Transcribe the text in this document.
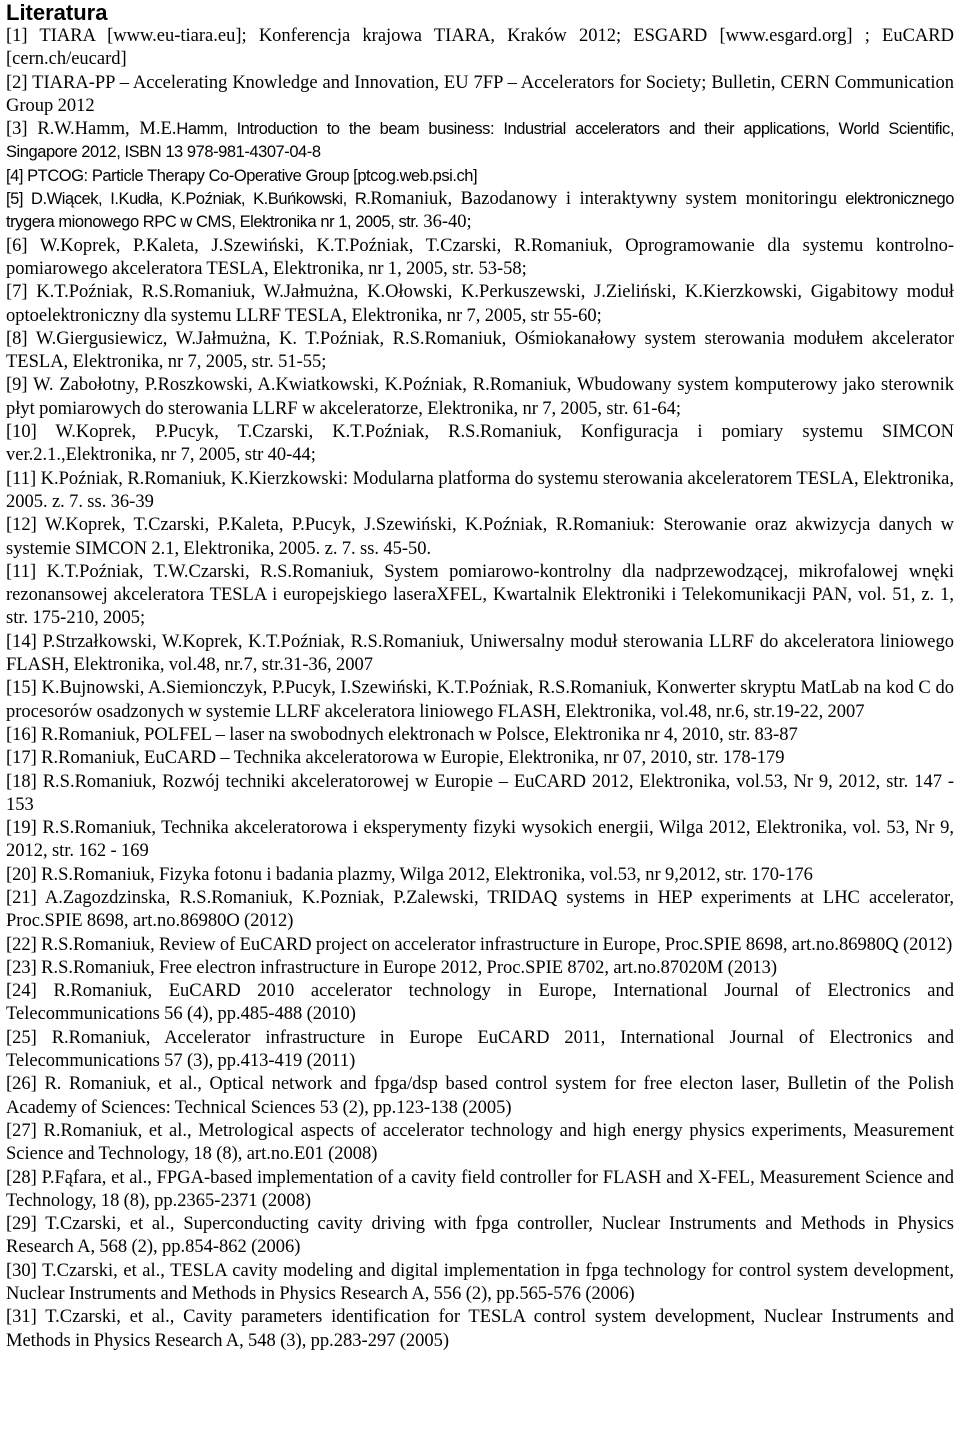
Literatura

[1] TIARA [www.eu-tiara.eu]; Konferencja krajowa TIARA, Kraków 2012; ESGARD [www.esgard.org] ; EuCARD [cern.ch/eucard]

[2] TIARA-PP – Accelerating Knowledge and Innovation, EU 7FP – Accelerators for Society; Bulletin, CERN Communication Group 2012

[3] R.W.Hamm, M.E.Hamm, Introduction to the beam business: Industrial accelerators and their applications, World Scientific, Singapore 2012, ISBN 13 978-981-4307-04-8

[4] PTCOG: Particle Therapy Co-Operative Group [ptcog.web.psi.ch]

[5] D.Wiącek, I.Kudła, K.Poźniak, K.Buńkowski, R.Romaniuk, Bazodanowy i interaktywny system monitoringu elektronicznego trygera mionowego RPC w CMS, Elektronika nr 1, 2005, str. 36-40;

[6] W.Koprek, P.Kaleta, J.Szewiński, K.T.Poźniak, T.Czarski, R.Romaniuk, Oprogramowanie dla systemu kontrolno-pomiarowego akceleratora TESLA, Elektronika, nr 1, 2005, str. 53-58;

[7] K.T.Poźniak, R.S.Romaniuk, W.Jałmużna, K.Ołowski, K.Perkuszewski, J.Zieliński, K.Kierzkowski, Gigabitowy moduł optoelektroniczny dla systemu LLRF TESLA, Elektronika, nr 7, 2005, str 55-60;

[8] W.Giergusiewicz, W.Jałmużna, K. T.Poźniak, R.S.Romaniuk, Ośmiokanałowy system sterowania modułem akcelerator TESLA, Elektronika, nr 7, 2005, str. 51-55;

[9] W. Zabołotny, P.Roszkowski, A.Kwiatkowski, K.Poźniak, R.Romaniuk, Wbudowany system komputerowy jako sterownik płyt pomiarowych do sterowania LLRF w akceleratorze, Elektronika, nr 7, 2005, str. 61-64;

[10] W.Koprek, P.Pucyk, T.Czarski, K.T.Poźniak, R.S.Romaniuk, Konfiguracja i pomiary systemu SIMCON ver.2.1.,Elektronika, nr 7, 2005, str 40-44;

[11] K.Poźniak, R.Romaniuk, K.Kierzkowski: Modularna platforma do systemu sterowania akceleratorem TESLA, Elektronika, 2005. z. 7. ss. 36-39

[12] W.Koprek, T.Czarski, P.Kaleta, P.Pucyk, J.Szewiński, K.Poźniak, R.Romaniuk: Sterowanie oraz akwizycja danych w systemie SIMCON 2.1, Elektronika, 2005. z. 7. ss. 45-50.

[11] K.T.Poźniak, T.W.Czarski, R.S.Romaniuk, System pomiarowo-kontrolny dla nadprzewodzącej, mikrofalowej wnęki rezonansowej akceleratora TESLA i europejskiego laseraXFEL, Kwartalnik Elektroniki i Telekomunikacji PAN, vol. 51, z. 1, str. 175-210, 2005;

[14] P.Strzałkowski, W.Koprek, K.T.Poźniak, R.S.Romaniuk, Uniwersalny moduł sterowania LLRF do akceleratora liniowego FLASH, Elektronika, vol.48, nr.7, str.31-36, 2007

[15] K.Bujnowski, A.Siemionczyk, P.Pucyk, I.Szewiński, K.T.Poźniak, R.S.Romaniuk, Konwerter skryptu MatLab na kod C do procesorów osadzonych w systemie LLRF akceleratora liniowego FLASH, Elektronika, vol.48, nr.6, str.19-22, 2007

[16] R.Romaniuk, POLFEL – laser na swobodnych elektronach w Polsce, Elektronika nr 4, 2010, str. 83-87

[17] R.Romaniuk, EuCARD – Technika akceleratorowa w Europie, Elektronika, nr 07, 2010, str. 178-179

[18] R.S.Romaniuk, Rozwój techniki akceleratorowej w Europie – EuCARD 2012, Elektronika, vol.53, Nr 9, 2012, str. 147 - 153

[19] R.S.Romaniuk, Technika akceleratorowa i eksperymenty fizyki wysokich energii, Wilga 2012, Elektronika, vol. 53, Nr 9, 2012, str. 162 - 169

[20] R.S.Romaniuk, Fizyka fotonu i badania plazmy, Wilga 2012, Elektronika, vol.53, nr 9,2012, str. 170-176

[21] A.Zagozdzinska, R.S.Romaniuk, K.Pozniak, P.Zalewski, TRIDAQ systems in HEP experiments at LHC accelerator, Proc.SPIE 8698, art.no.86980O (2012)

[22] R.S.Romaniuk, Review of EuCARD project on accelerator infrastructure in Europe, Proc.SPIE 8698, art.no.86980Q (2012)

[23] R.S.Romaniuk, Free electron infrastructure in Europe 2012, Proc.SPIE 8702, art.no.87020M (2013)

[24] R.Romaniuk, EuCARD 2010 accelerator technology in Europe, International Journal of Electronics and Telecommunications 56 (4), pp.485-488 (2010)

[25] R.Romaniuk, Accelerator infrastructure in Europe EuCARD 2011, International Journal of Electronics and Telecommunications 57 (3), pp.413-419 (2011)

[26] R. Romaniuk, et al., Optical network and fpga/dsp based control system for free electon laser, Bulletin of the Polish Academy of Sciences: Technical Sciences 53 (2), pp.123-138 (2005)

[27] R.Romaniuk, et al., Metrological aspects of accelerator technology and high energy physics experiments, Measurement Science and Technology, 18 (8), art.no.E01 (2008)

[28] P.Fąfara, et al., FPGA-based implementation of a cavity field controller for FLASH and X-FEL, Measurement Science and Technology, 18 (8), pp.2365-2371 (2008)

[29] T.Czarski, et al., Superconducting cavity driving with fpga controller, Nuclear Instruments and Methods in Physics Research A, 568 (2), pp.854-862 (2006)

[30] T.Czarski, et al., TESLA cavity modeling and digital implementation in fpga technology for control system development, Nuclear Instruments and Methods in Physics Research A, 556 (2), pp.565-576 (2006)

[31] T.Czarski, et al., Cavity parameters identification for TESLA control system development, Nuclear Instruments and Methods in Physics Research A, 548 (3), pp.283-297 (2005)
